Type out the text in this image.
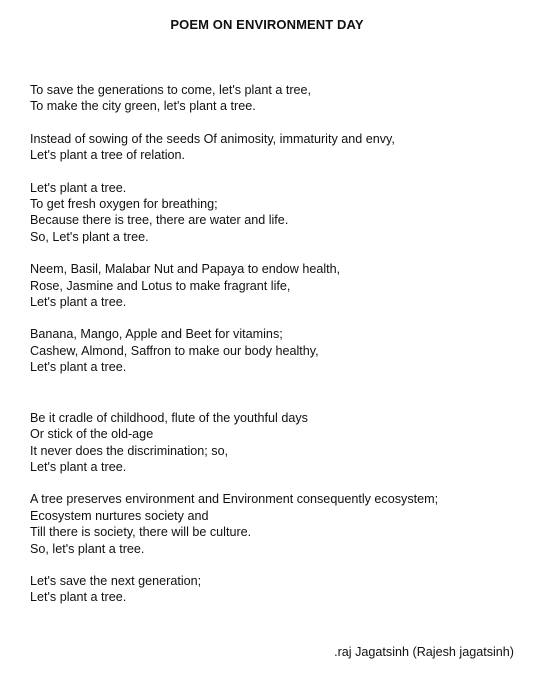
POEM ON ENVIRONMENT DAY
To save the generations to come, let's plant a tree,
To make the city green, let's plant a tree.
Instead of sowing of the seeds Of animosity, immaturity and envy,
Let's plant a tree of relation.
Let's plant a tree.
To get fresh oxygen for breathing;
Because there is tree, there are water and life.
So, Let's plant a tree.
Neem, Basil, Malabar Nut and Papaya to endow health,
Rose, Jasmine and Lotus to make fragrant life,
Let's plant a tree.
Banana, Mango, Apple and Beet for vitamins;
Cashew, Almond, Saffron to make our body healthy,
Let's plant a tree.
Be it cradle of childhood, flute of the youthful days
Or stick of the old-age
It never does the discrimination; so,
Let's plant a tree.
A tree preserves environment and Environment consequently ecosystem;
Ecosystem nurtures society and
Till there is society, there will be culture.
So, let's plant a tree.
Let's save the next generation;
Let's plant a tree.
.raj Jagatsinh (Rajesh jagatsinh)
